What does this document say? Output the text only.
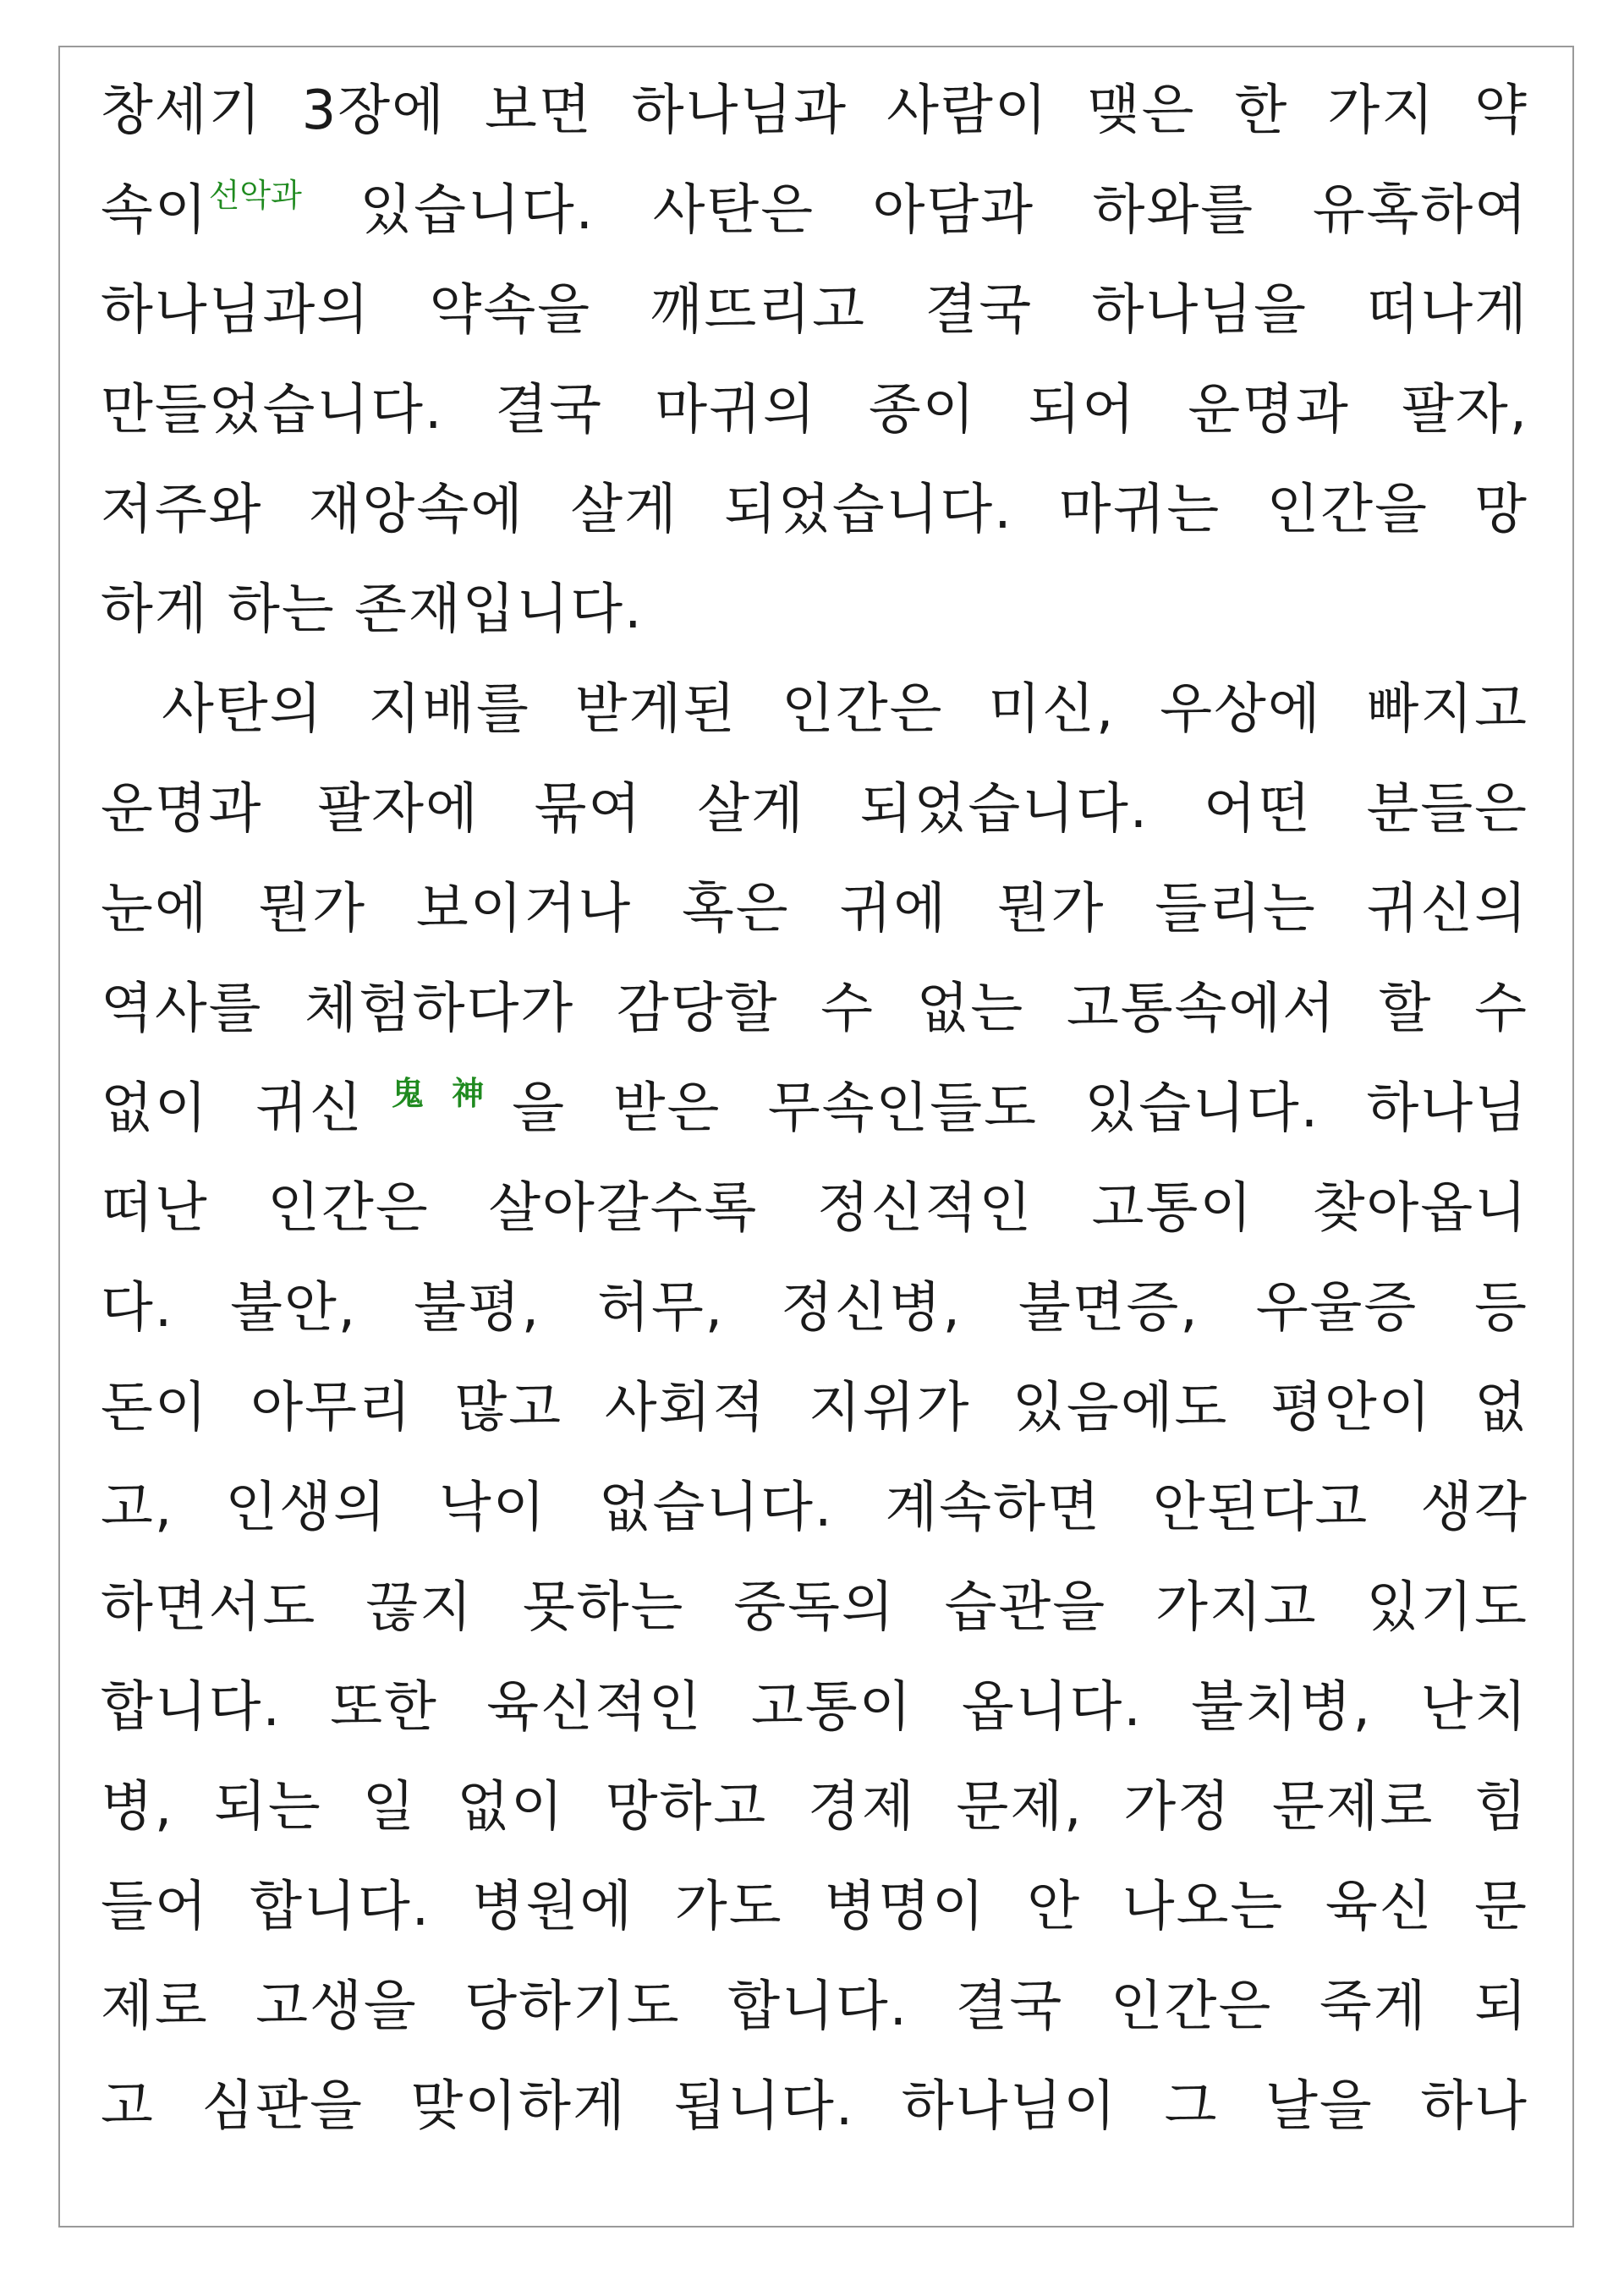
창세기 3장에 보면 하나님과 사람이 맺은 한 가지 약
속이$^{선악과}$ 있습니다. 사탄은 아담과 하와를 유혹하여
하나님과의 약속을 깨뜨리고 결국 하나님을 떠나게
만들었습니다. 결국 마귀의 종이 되어 운명과 팔자,
저주와 재앙속에 살게 되었습니다. 마귀는 인간을 망
하게 하는 존재입니다.
사탄의 지배를 받게된 인간은 미신, 우상에 빠지고
운명과 팔자에 묶여 살게 되었습니다. 어떤 분들은
눈에 뭔가 보이거나 혹은 귀에 뭔가 들리는 귀신의
역사를 체험하다가 감당할 수 없는 고통속에서 할 수
없이 귀신$^{鬼神}$을 받은 무속인들도 있습니다. 하나님
떠난 인간은 살아갈수록 정신적인 고통이 찾아옵니
다. 불안, 불평, 허무, 정신병, 불면증, 우울증 등
돈이 아무리 많고 사회적 지위가 있음에도 평안이 없
고, 인생의 낙이 없습니다. 계속하면 안된다고 생각
하면서도 끊지 못하는 중독의 습관을 가지고 있기도
합니다. 또한 육신적인 고통이 옵니다. 불치병, 난치
병, 되는 일 없이 망하고 경제 문제, 가정 문제로 힘
들어 합니다. 병원에 가도 병명이 안 나오는 육신 문
제로 고생을 당하기도 합니다. 결국 인간은 죽게 되
고 심판을 맞이하게 됩니다. 하나님이 그 날을 하나
